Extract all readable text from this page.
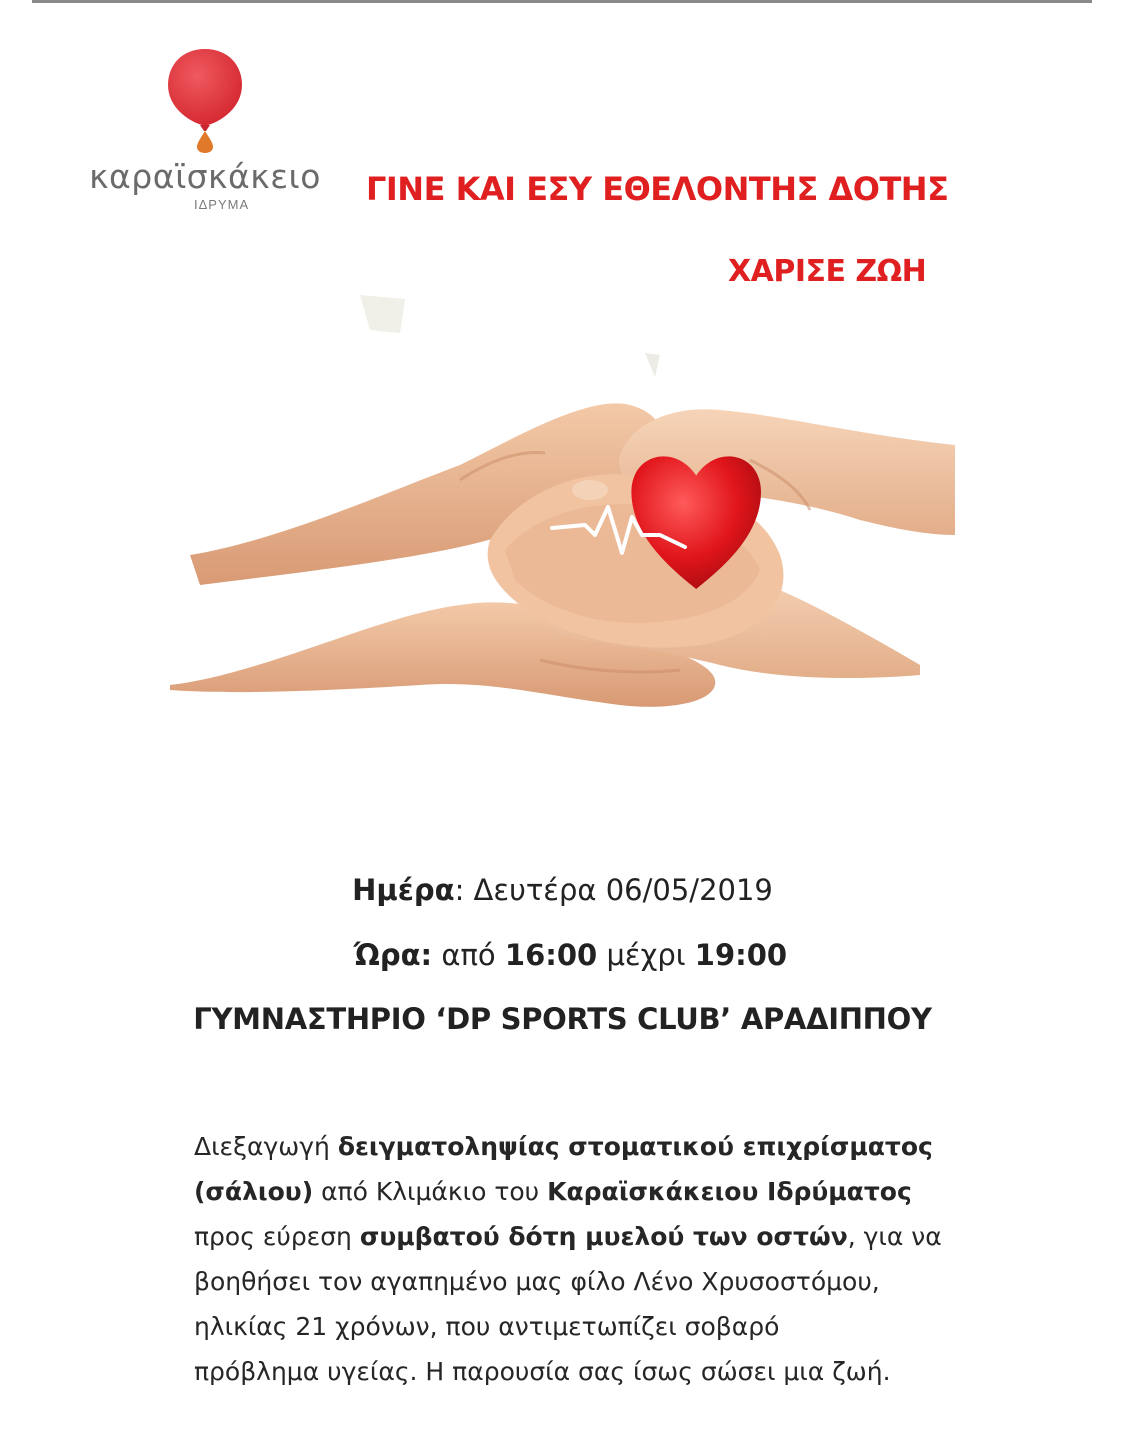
καραϊσκάκειο
ΙΔΡΥΜΑ	ΓΙΝΕ ΚΑΙ ΕΣΥ ΕΘΕΛΟΝΤΗΣ ΔΟΤΗΣ
ΧΑΡΙΣΕ ΖΩΗ
Ημέρα: Δευτέρα 06/05/2019
Ώρα: από 16:00 μέχρι 19:00
ΓΥΜΝΑΣΤΗΡΙΟ ‘DP SPORTS CLUB’ ΑΡΑΔΙΠΠΟΥ
Διεξαγωγή δειγματοληψίας στοματικού επιχρίσματος
(σάλιου) από Κλιμάκιο του Καραϊσκάκειου Ιδρύματος
προς εύρεση συμβατού δότη μυελού των οστών, για να
βοηθήσει τον αγαπημένο μας φίλο Λένο Χρυσοστόμου,
ηλικίας 21 χρόνων, που αντιμετωπίζει σοβαρό
πρόβλημα υγείας. Η παρουσία σας ίσως σώσει μια ζωή.
